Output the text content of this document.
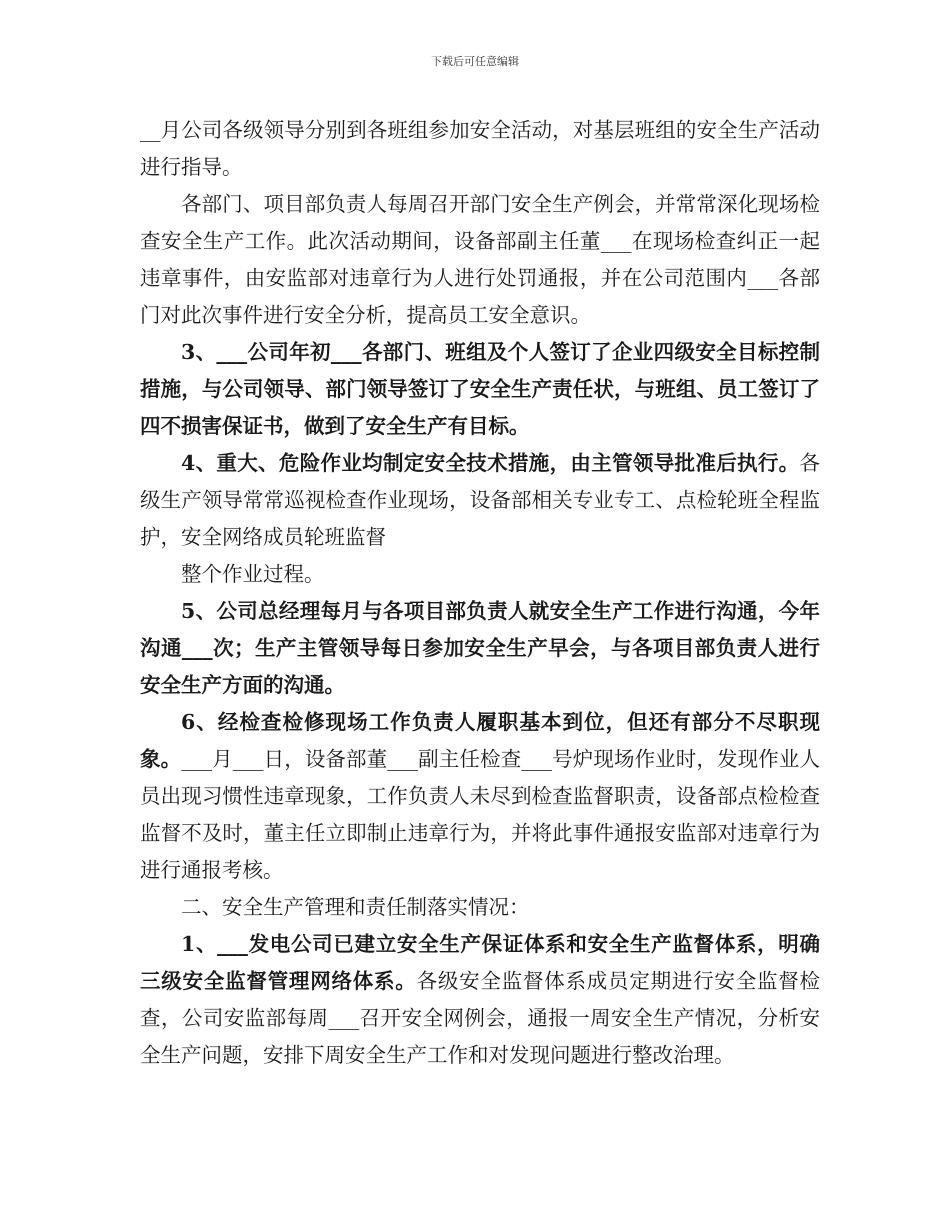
下载后可任意编辑

__月公司各级领导分别到各班组参加安全活动，对基层班组的安全生产活动进行指导。

各部门、项目部负责人每周召开部门安全生产例会，并常常深化现场检查安全生产工作。此次活动期间，设备部副主任董___在现场检查纠正一起违章事件，由安监部对违章行为人进行处罚通报，并在公司范围内___各部门对此次事件进行安全分析，提高员工安全意识。

3、___公司年初___各部门、班组及个人签订了企业四级安全目标控制措施，与公司领导、部门领导签订了安全生产责任状，与班组、员工签订了四不损害保证书，做到了安全生产有目标。

4、重大、危险作业均制定安全技术措施，由主管领导批准后执行。各级生产领导常常巡视检查作业现场，设备部相关专业专工、点检轮班全程监护，安全网络成员轮班监督

整个作业过程。

5、公司总经理每月与各项目部负责人就安全生产工作进行沟通，今年沟通___次；生产主管领导每日参加安全生产早会，与各项目部负责人进行安全生产方面的沟通。

6、经检查检修现场工作负责人履职基本到位，但还有部分不尽职现象。___月___日，设备部董___副主任检查___号炉现场作业时，发现作业人员出现习惯性违章现象，工作负责人未尽到检查监督职责，设备部点检检查监督不及时，董主任立即制止违章行为，并将此事件通报安监部对违章行为进行通报考核。

二、安全生产管理和责任制落实情况：

1、___发电公司已建立安全生产保证体系和安全生产监督体系，明确三级安全监督管理网络体系。各级安全监督体系成员定期进行安全监督检查，公司安监部每周___召开安全网例会，通报一周安全生产情况，分析安全生产问题，安排下周安全生产工作和对发现问题进行整改治理。
